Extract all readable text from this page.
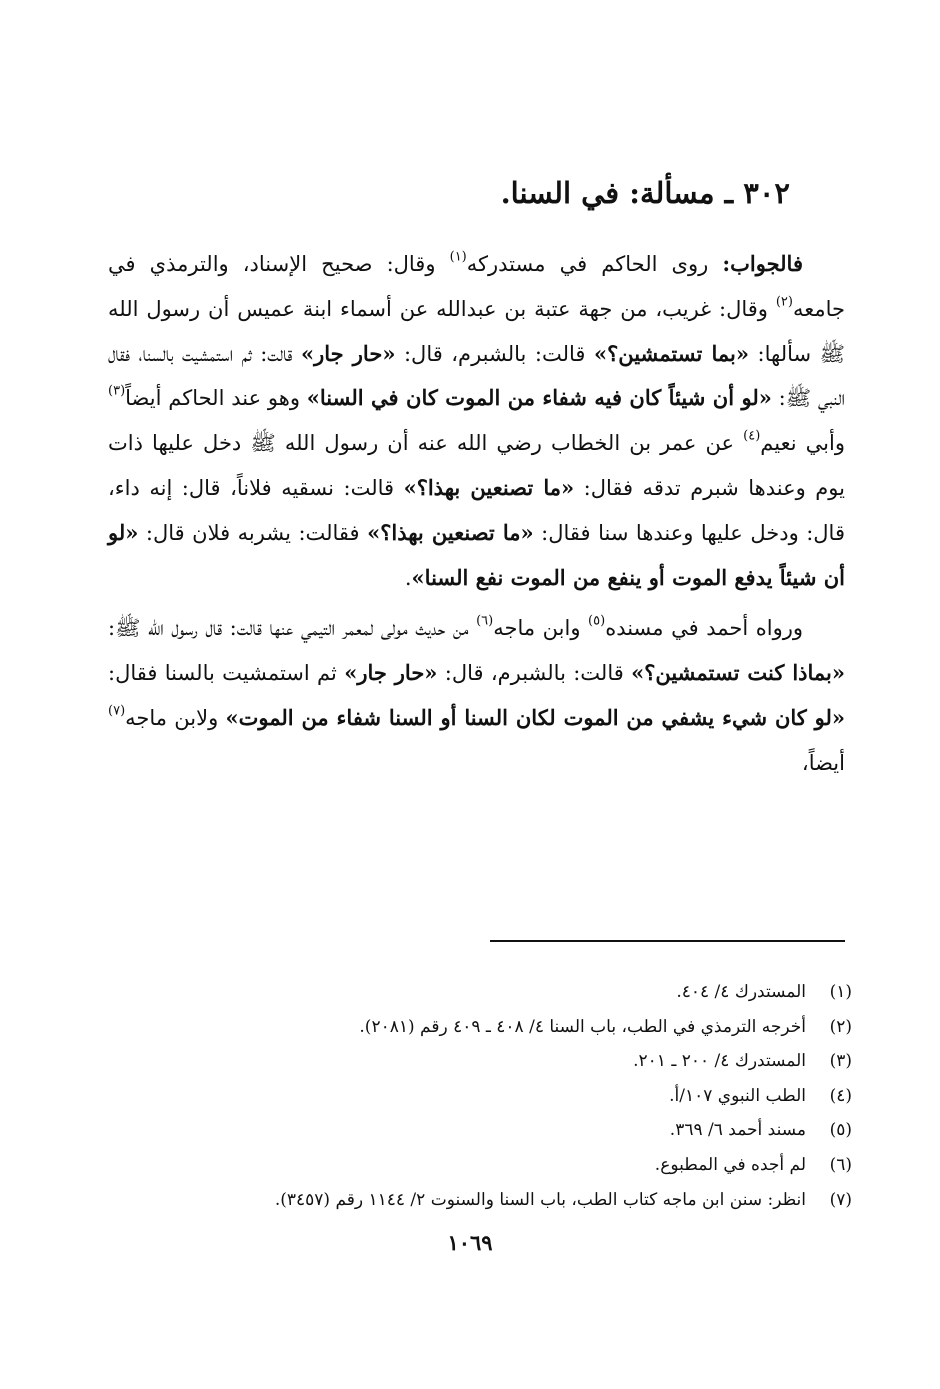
٣٠٢ ـ مسألة: في السنا.

فالجواب: روى الحاكم في مستدركه$^{(١)}$ وقال: صحيح الإسناد، والترمذي في جامعه$^{(٢)}$ وقال: غريب، من جهة عتبة بن عبدالله عن أسماء ابنة عميس أن رسول الله ﷺ سألها: «بما تستمشين؟» قالت: بالشبرم، قال: «حار جار» قالت: ثم استمشيت بالسنا، فقال النبي ﷺ: «لو أن شيئاً كان فيه شفاء من الموت كان في السنا» وهو عند الحاكم أيضاً$^{(٣)}$ وأبي نعيم$^{(٤)}$ عن عمر بن الخطاب رضي الله عنه أن رسول الله ﷺ دخل عليها ذات يوم وعندها شبرم تدقه فقال: «ما تصنعين بهذا؟» قالت: نسقيه فلاناً، قال: إنه داء، قال: ودخل عليها وعندها سنا فقال: «ما تصنعين بهذا؟» فقالت: يشربه فلان قال: «لو أن شيئاً يدفع الموت أو ينفع من الموت نفع السنا».

ورواه أحمد في مسنده$^{(٥)}$ وابن ماجه$^{(٦)}$ من حديث مولى لمعمر التيمي عنها قالت: قال رسول الله ﷺ: «بماذا كنت تستمشين؟» قالت: بالشبرم، قال: «حار جار» ثم استمشيت بالسنا فقال: «لو كان شيء يشفي من الموت لكان السنا أو السنا شفاء من الموت» ولابن ماجه$^{(٧)}$ أيضاً،

(١)المستدرك ٤/ ٤٠٤.
(٢)أخرجه الترمذي في الطب، باب السنا ٤/ ٤٠٨ ـ ٤٠٩ رقم (٢٠٨١).
(٣)المستدرك ٤/ ٢٠٠ ـ ٢٠١.
(٤)الطب النبوي ١٠٧/أ.
(٥)مسند أحمد ٦/ ٣٦٩.
(٦)لم أجده في المطبوع.
(٧)انظر: سنن ابن ماجه كتاب الطب، باب السنا والسنوت ٢/ ١١٤٤ رقم (٣٤٥٧).
١٠٦٩
